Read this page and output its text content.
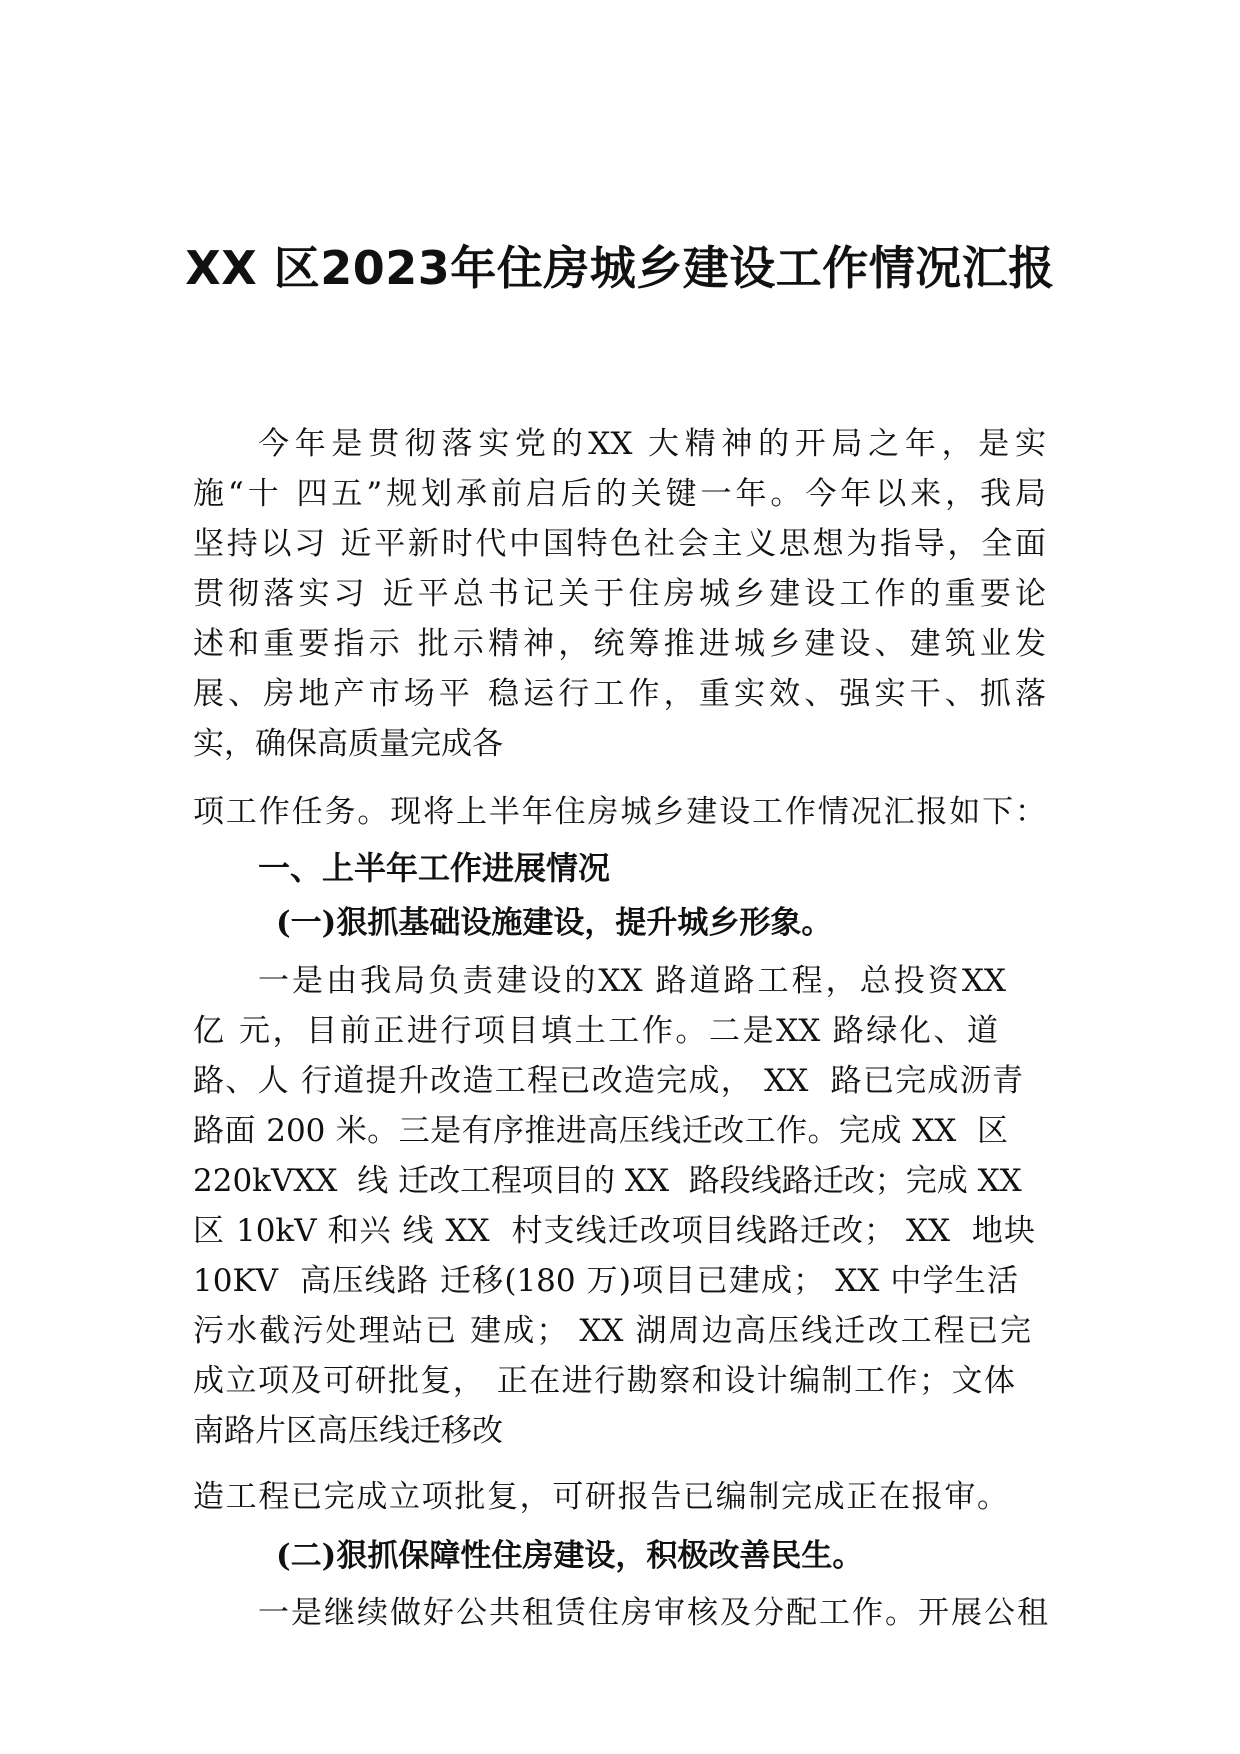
XX 区2023年住房城乡建设工作情况汇报
今年是贯彻落实党的XX 大精神的开局之年，是实
施“十 四五”规划承前启后的关键一年。今年以来，我局
坚持以习 近平新时代中国特色社会主义思想为指导，全面
贯彻落实习 近平总书记关于住房城乡建设工作的重要论
述和重要指示 批示精神，统筹推进城乡建设、建筑业发
展、房地产市场平 稳运行工作，重实效、强实干、抓落
实，确保高质量完成各
项工作任务。现将上半年住房城乡建设工作情况汇报如下：
一、上半年工作进展情况
(一)狠抓基础设施建设，提升城乡形象。
一是由我局负责建设的XX 路道路工程，总投资XX
亿 元，目前正进行项目填土工作。二是XX 路绿化、道
路、人 行道提升改造工程已改造完成， XX  路已完成沥青
路面 200 米。三是有序推进高压线迁改工作。完成 XX  区
220kVXX  线 迁改工程项目的 XX  路段线路迁改；完成 XX
区 10kV 和兴 线 XX  村支线迁改项目线路迁改； XX  地块
10KV  高压线路 迁移(180 万)项目已建成； XX 中学生活
污水截污处理站已 建成； XX 湖周边高压线迁改工程已完
成立项及可研批复， 正在进行勘察和设计编制工作；文体
南路片区高压线迁移改
造工程已完成立项批复，可研报告已编制完成正在报审。
(二)狠抓保障性住房建设，积极改善民生。
一是继续做好公共租赁住房审核及分配工作。开展公租
